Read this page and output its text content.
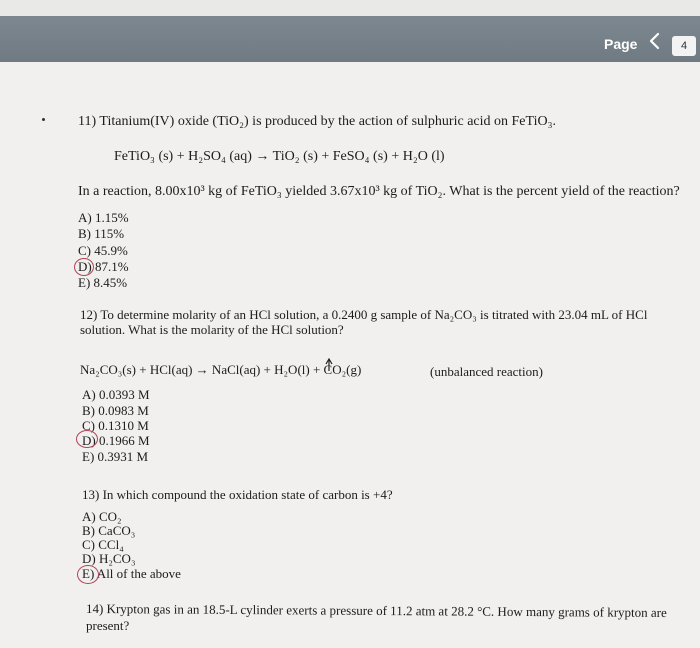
Page	4
11) Titanium(IV) oxide (TiO₂) is produced by the action of sulphuric acid on FeTiO₃.
FeTiO₃ (s) + H₂SO₄ (aq) → TiO₂ (s) + FeSO₄ (s) + H₂O (l)
In a reaction, 8.00x10³ kg of FeTiO₃ yielded 3.67x10³ kg of TiO₂. What is the percent yield of the reaction?
A) 1.15%
B) 115%
C) 45.9%
D) 87.1%
E) 8.45%
12) To determine molarity of an HCl solution, a 0.2400 g sample of Na₂CO₃ is titrated with 23.04 mL of HCl
solution. What is the molarity of the HCl solution?
Na₂CO₃(s) + HCl(aq) → NaCl(aq) + H₂O(l) + CO₂(g)	(unbalanced reaction)
A) 0.0393 M
B) 0.0983 M
C) 0.1310 M
D) 0.1966 M
E) 0.3931 M
13) In which compound the oxidation state of carbon is +4?
A) CO₂
B) CaCO₃
C) CCl₄
D) H₂CO₃
E) All of the above
14) Krypton gas in an 18.5-L cylinder exerts a pressure of 11.2 atm at 28.2 °C. How many grams of krypton are
present?
